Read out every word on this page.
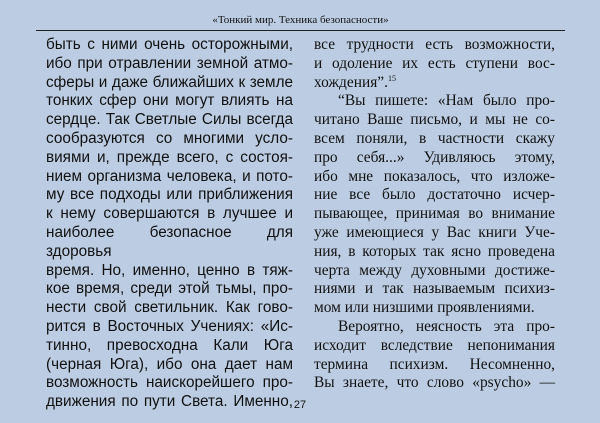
«Тонкий мир. Техника безопасности»
быть с ними очень осторожными,
ибо при отравлении земной атмо-
сферы и даже ближайших к земле
тонких сфер они могут влиять на
сердце. Так Светлые Силы всегда
сообразуются со многими усло-
виями и, прежде всего, с состоя-
нием организма человека, и пото-
му все подходы или приближения
к нему совершаются в лучшее и
наиболее безопасное для здоровья
время. Но, именно, ценно в тяж-
кое время, среди этой тьмы, про-
нести свой светильник. Как гово-
рится в Восточных Учениях: «Ис-
тинно, превосходна Кали Юга
(черная Юга), ибо она дает нам
возможность наискорейшего про-
движения по пути Света. Именно,
все трудности есть возможности,
и одоление их есть ступени вос-
хождения”.$^{15}$
“Вы пишете: «Нам было про-
читано Ваше письмо, и мы не со-
всем поняли, в частности скажу
про себя...» Удивляюсь этому,
ибо мне показалось, что изложе-
ние все было достаточно исчер-
пывающее, принимая во внимание
уже имеющиеся у Вас книги Уче-
ния, в которых так ясно проведена
черта между духовными достиже-
ниями и так называемым психиз-
мом или низшими проявлениями.
Вероятно, неясность эта про-
исходит вследствие непонимания
термина психизм. Несомненно,
Вы знаете, что слово «psycho» —
27
